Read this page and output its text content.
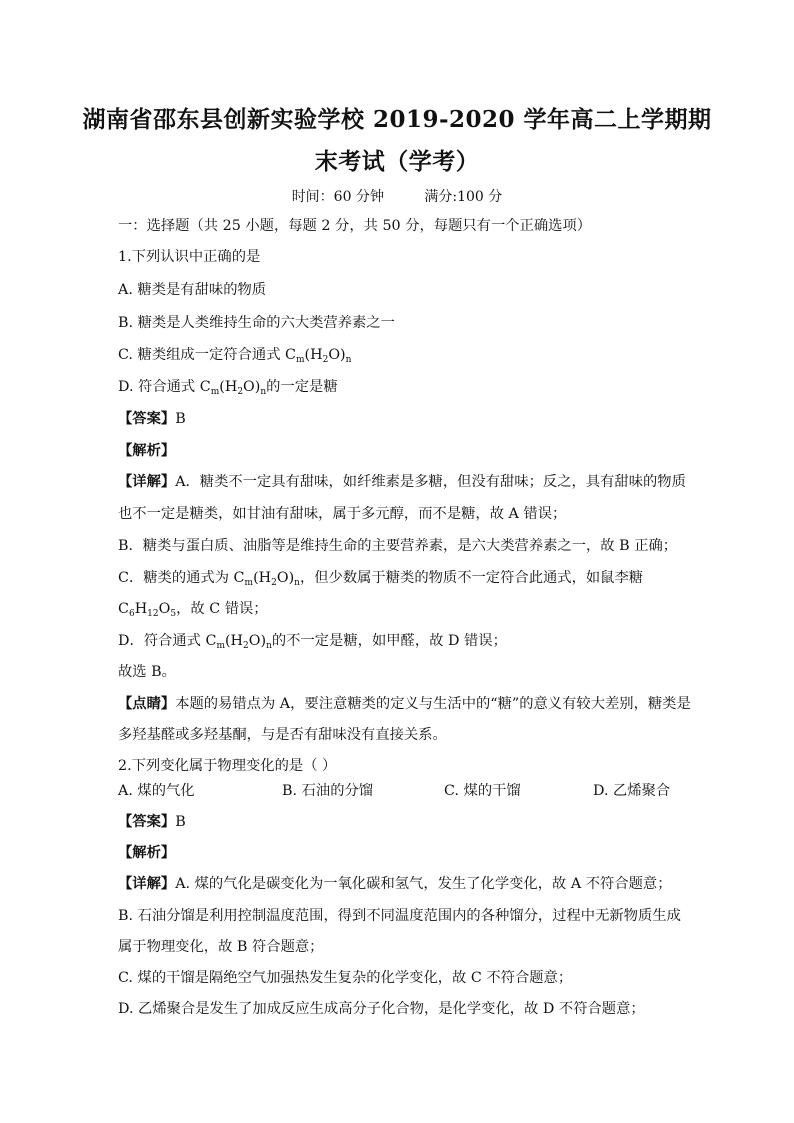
湖南省邵东县创新实验学校 2019-2020 学年高二上学期期
末考试（学考）
时间：60 分钟	满分:100 分
一：选择题（共 25 小题，每题 2 分，共 50 分，每题只有一个正确选项）
1.下列认识中正确的是
A. 糖类是有甜味的物质
B. 糖类是人类维持生命的六大类营养素之一
C. 糖类组成一定符合通式 $C_m(H_2O)_n$
D. 符合通式 $C_m(H_2O)_n$的一定是糖
【答案】B
【解析】
【详解】A．糖类不一定具有甜味，如纤维素是多糖，但没有甜味；反之，具有甜味的物质
也不一定是糖类，如甘油有甜味，属于多元醇，而不是糖，故 A 错误；
B．糖类与蛋白质、油脂等是维持生命的主要营养素，是六大类营养素之一，故 B 正确；
C．糖类的通式为 $C_m(H_2O)_n$，但少数属于糖类的物质不一定符合此通式，如鼠李糖
$C_6H_{12}O_5$，故 C 错误；
D．符合通式 $C_m(H_2O)_n$的不一定是糖，如甲醛，故 D 错误；
故选 B。
【点睛】本题的易错点为 A，要注意糖类的定义与生活中的“糖”的意义有较大差别，糖类是
多羟基醛或多羟基酮，与是否有甜味没有直接关系。
2.下列变化属于物理变化的是（ ）
A. 煤的气化	B. 石油的分馏	C. 煤的干馏	D. 乙烯聚合
【答案】B
【解析】
【详解】A. 煤的气化是碳变化为一氧化碳和氢气，发生了化学变化，故 A 不符合题意；
B. 石油分馏是利用控制温度范围，得到不同温度范围内的各种馏分，过程中无新物质生成
属于物理变化，故 B 符合题意；
C. 煤的干馏是隔绝空气加强热发生复杂的化学变化，故 C 不符合题意；
D. 乙烯聚合是发生了加成反应生成高分子化合物，是化学变化，故 D 不符合题意；
